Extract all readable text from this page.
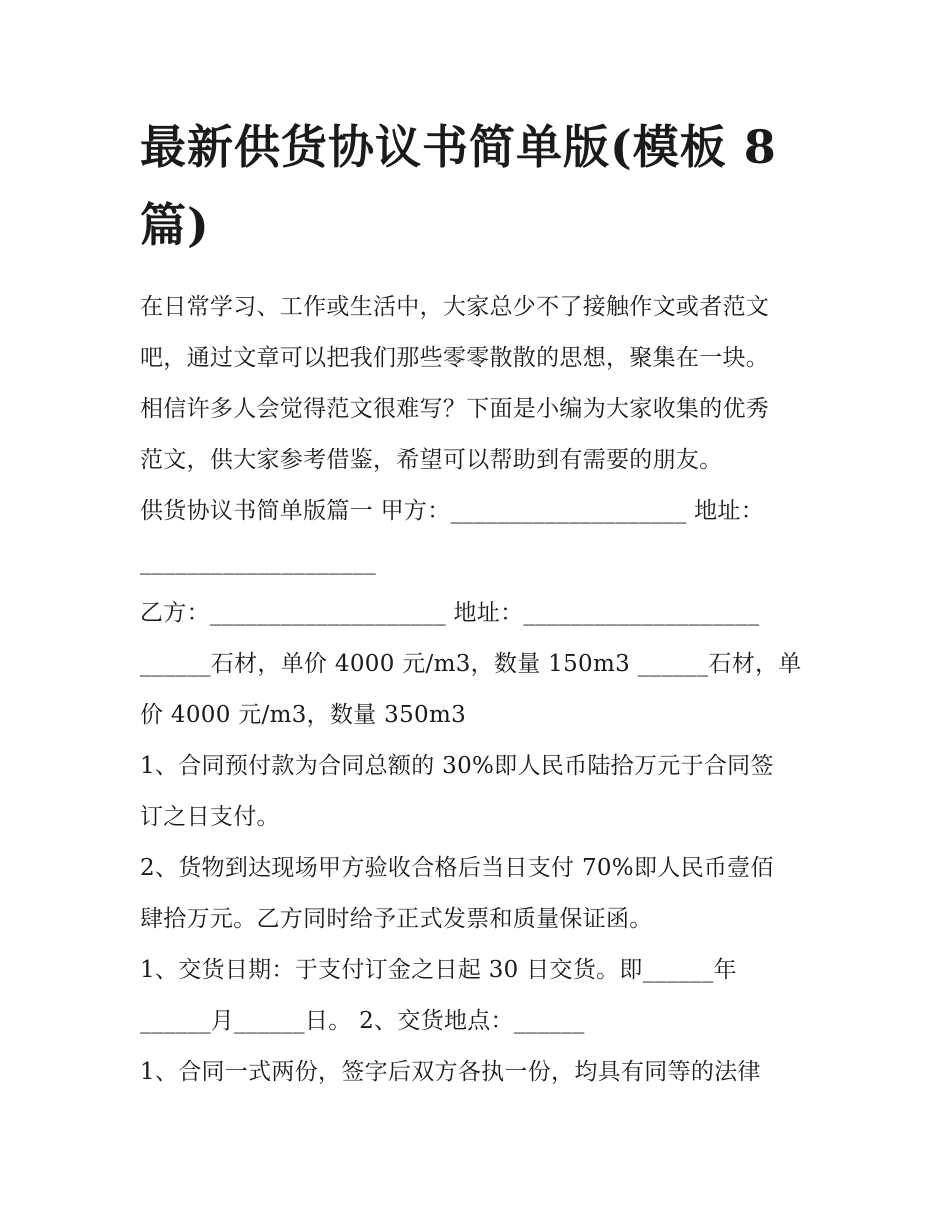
最新供货协议书简单版(模板 8
篇)

在日常学习、工作或生活中，大家总少不了接触作文或者范文
吧，通过文章可以把我们那些零零散散的思想，聚集在一块。
相信许多人会觉得范文很难写？下面是小编为大家收集的优秀
范文，供大家参考借鉴，希望可以帮助到有需要的朋友。

供货协议书简单版篇一 甲方：____________________ 地址：
____________________

乙方：____________________ 地址：____________________

______石材，单价 4000 元/m3，数量 150m3 ______石材，单
价 4000 元/m3，数量 350m3

1、合同预付款为合同总额的 30%即人民币陆拾万元于合同签
订之日支付。

2、货物到达现场甲方验收合格后当日支付 70%即人民币壹佰
肆拾万元。乙方同时给予正式发票和质量保证函。

1、交货日期：于支付订金之日起 30 日交货。即______年
______月______日。 2、交货地点：______

1、合同一式两份，签字后双方各执一份，均具有同等的法律
